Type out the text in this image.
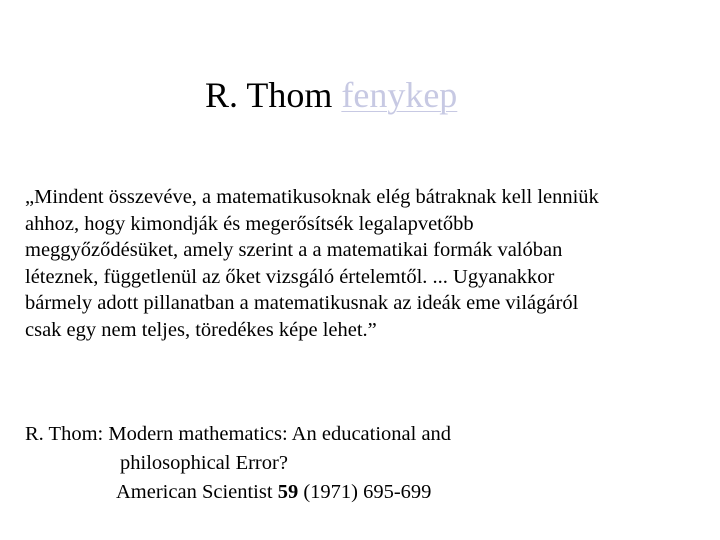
R. Thom fenykep
„Mindent összevéve, a matematikusoknak elég bátraknak kell lenniük
ahhoz, hogy kimondják és megerősítsék legalapvetőbb
meggyőződésüket, amely szerint a a matematikai formák valóban
léteznek, függetlenül az őket vizsgáló értelemtől. ... Ugyanakkor
bármely adott pillanatban a matematikusnak az ideák eme világáról
csak egy nem teljes, töredékes képe lehet.”
R. Thom: Modern mathematics: An educational and
philosophical Error?
American Scientist 59 (1971) 695-699
